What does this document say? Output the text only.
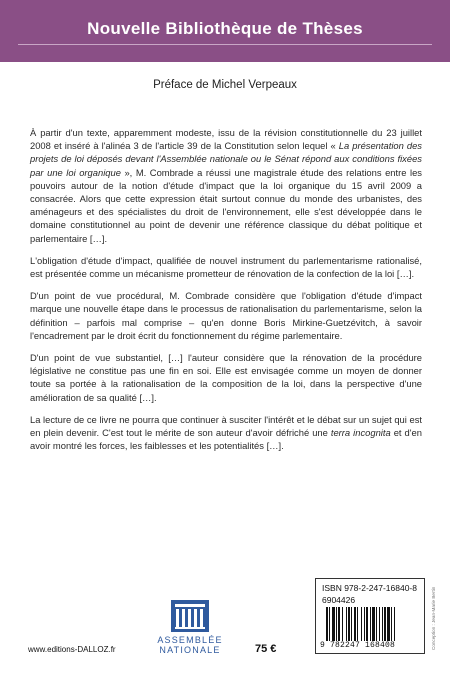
Nouvelle Bibliothèque de Thèses
Préface de Michel Verpeaux

À partir d'un texte, apparemment modeste, issu de la révision constitutionnelle du 23 juillet 2008 et inséré à l'alinéa 3 de l'article 39 de la Constitution selon lequel « La présentation des projets de loi déposés devant l'Assemblée nationale ou le Sénat répond aux conditions fixées par une loi organique », M. Combrade a réussi une magistrale étude des relations entre les pouvoirs autour de la notion d'étude d'impact que la loi organique du 15 avril 2009 a consacrée. Alors que cette expression était surtout connue du monde des urbanistes, des aménageurs et des spécialistes du droit de l'environnement, elle s'est développée dans le domaine constitutionnel au point de devenir une référence classique du débat politique et parlementaire […].

L'obligation d'étude d'impact, qualifiée de nouvel instrument du parlementarisme rationalisé, est présentée comme un mécanisme prometteur de rénovation de la confection de la loi […].

D'un point de vue procédural, M. Combrade considère que l'obligation d'étude d'impact marque une nouvelle étape dans le processus de rationalisation du parlementarisme, selon la définition – parfois mal comprise – qu'en donne Boris Mirkine-Guetzévitch, à savoir l'encadrement par le droit écrit du fonctionnement du régime parlementaire.

D'un point de vue substantiel, […] l'auteur considère que la rénovation de la procédure législative ne constitue pas une fin en soi. Elle est envisagée comme un moyen de donner toute sa portée à la rationalisation de la composition de la loi, dans la perspective d'une amélioration de sa qualité […].

La lecture de ce livre ne pourra que continuer à susciter l'intérêt et le débat sur un sujet qui est en plein devenir. C'est tout le mérite de son auteur d'avoir défriché une terra incognita et d'en avoir montré les forces, les faiblesses et les potentialités […].

www.editions-DALLOZ.fr
ASSEMBLÉE
NATIONALE	75 €
ISBN 978-2-247-16840-8
6904426
9 782247 168408	Conception : Jean-Marie Bertin
